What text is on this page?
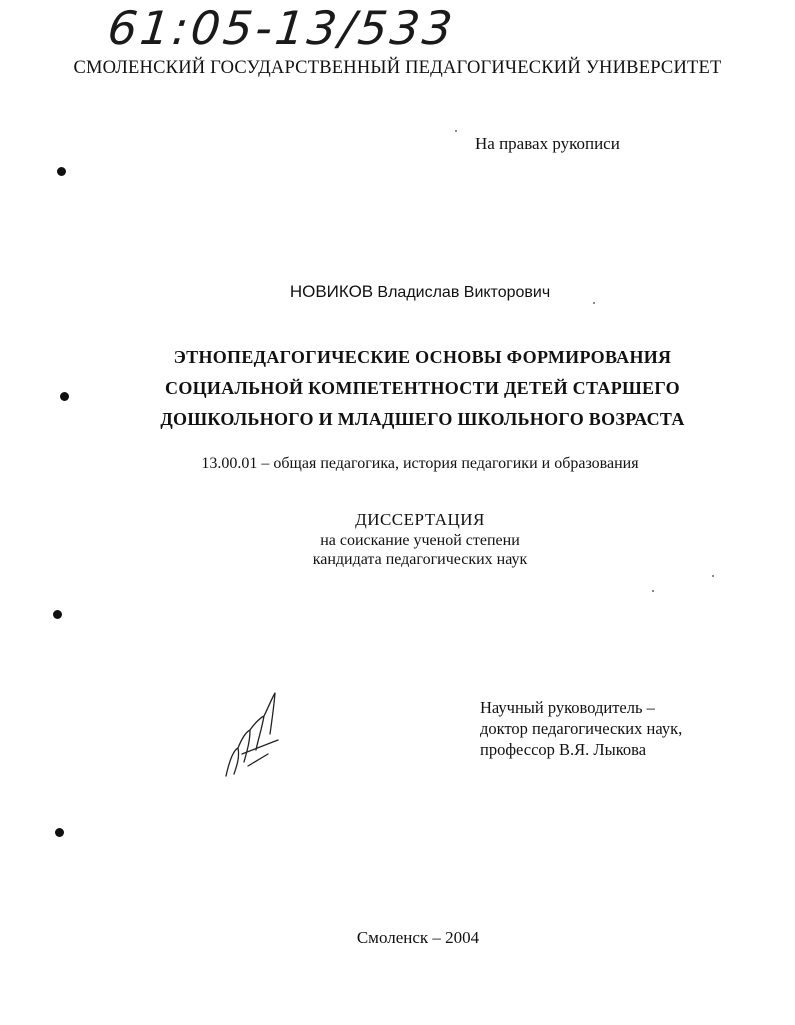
61:05-13/533
СМОЛЕНСКИЙ ГОСУДАРСТВЕННЫЙ ПЕДАГОГИЧЕСКИЙ УНИВЕРСИТЕТ
На правах рукописи
НОВИКОВ Владислав Викторович
ЭТНОПЕДАГОГИЧЕСКИЕ ОСНОВЫ ФОРМИРОВАНИЯ
СОЦИАЛЬНОЙ КОМПЕТЕНТНОСТИ ДЕТЕЙ СТАРШЕГО
ДОШКОЛЬНОГО И МЛАДШЕГО ШКОЛЬНОГО ВОЗРАСТА
13.00.01 – общая педагогика, история педагогики и образования
ДИССЕРТАЦИЯ
на соискание ученой степени
кандидата педагогических наук
Научный руководитель –
доктор педагогических наук,
профессор В.Я. Лыкова
Смоленск – 2004
